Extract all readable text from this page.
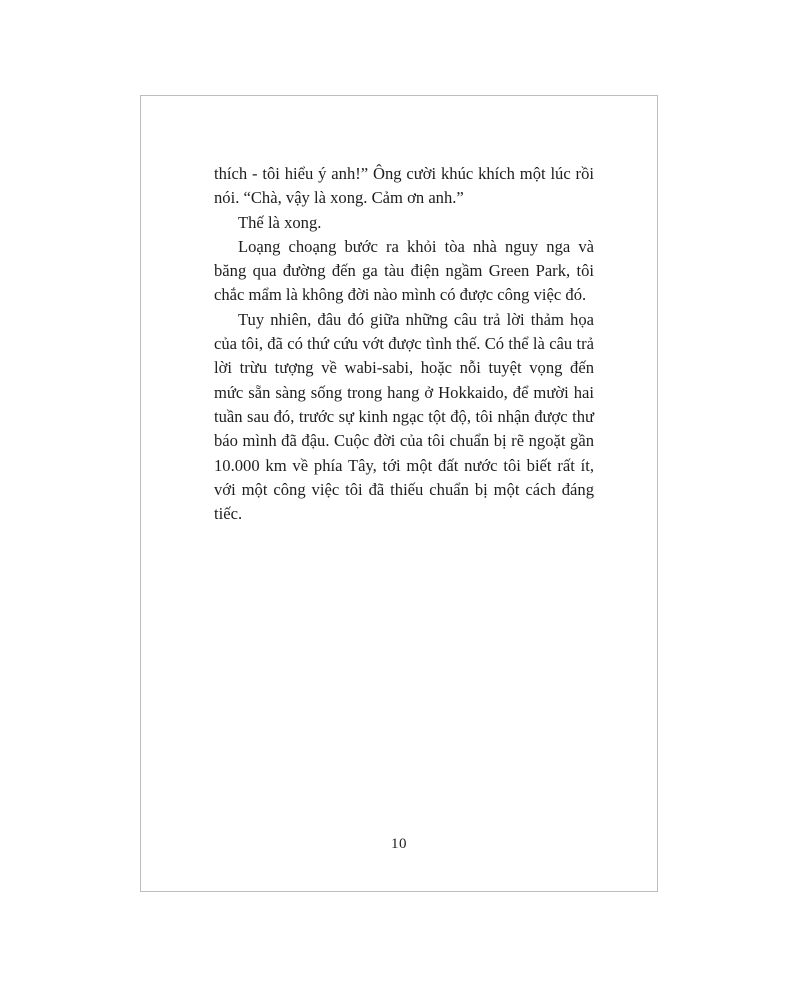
thích - tôi hiểu ý anh!” Ông cười khúc khích một lúc rồi nói. “Chà, vậy là xong. Cảm ơn anh.”

Thế là xong.

Loạng choạng bước ra khỏi tòa nhà nguy nga và băng qua đường đến ga tàu điện ngầm Green Park, tôi chắc mẩm là không đời nào mình có được công việc đó.

Tuy nhiên, đâu đó giữa những câu trả lời thảm họa của tôi, đã có thứ cứu vớt được tình thế. Có thể là câu trả lời trừu tượng về wabi-sabi, hoặc nỗi tuyệt vọng đến mức sẵn sàng sống trong hang ở Hokkaido, để mười hai tuần sau đó, trước sự kinh ngạc tột độ, tôi nhận được thư báo mình đã đậu. Cuộc đời của tôi chuẩn bị rẽ ngoặt gần 10.000 km về phía Tây, tới một đất nước tôi biết rất ít, với một công việc tôi đã thiếu chuẩn bị một cách đáng tiếc.

10
